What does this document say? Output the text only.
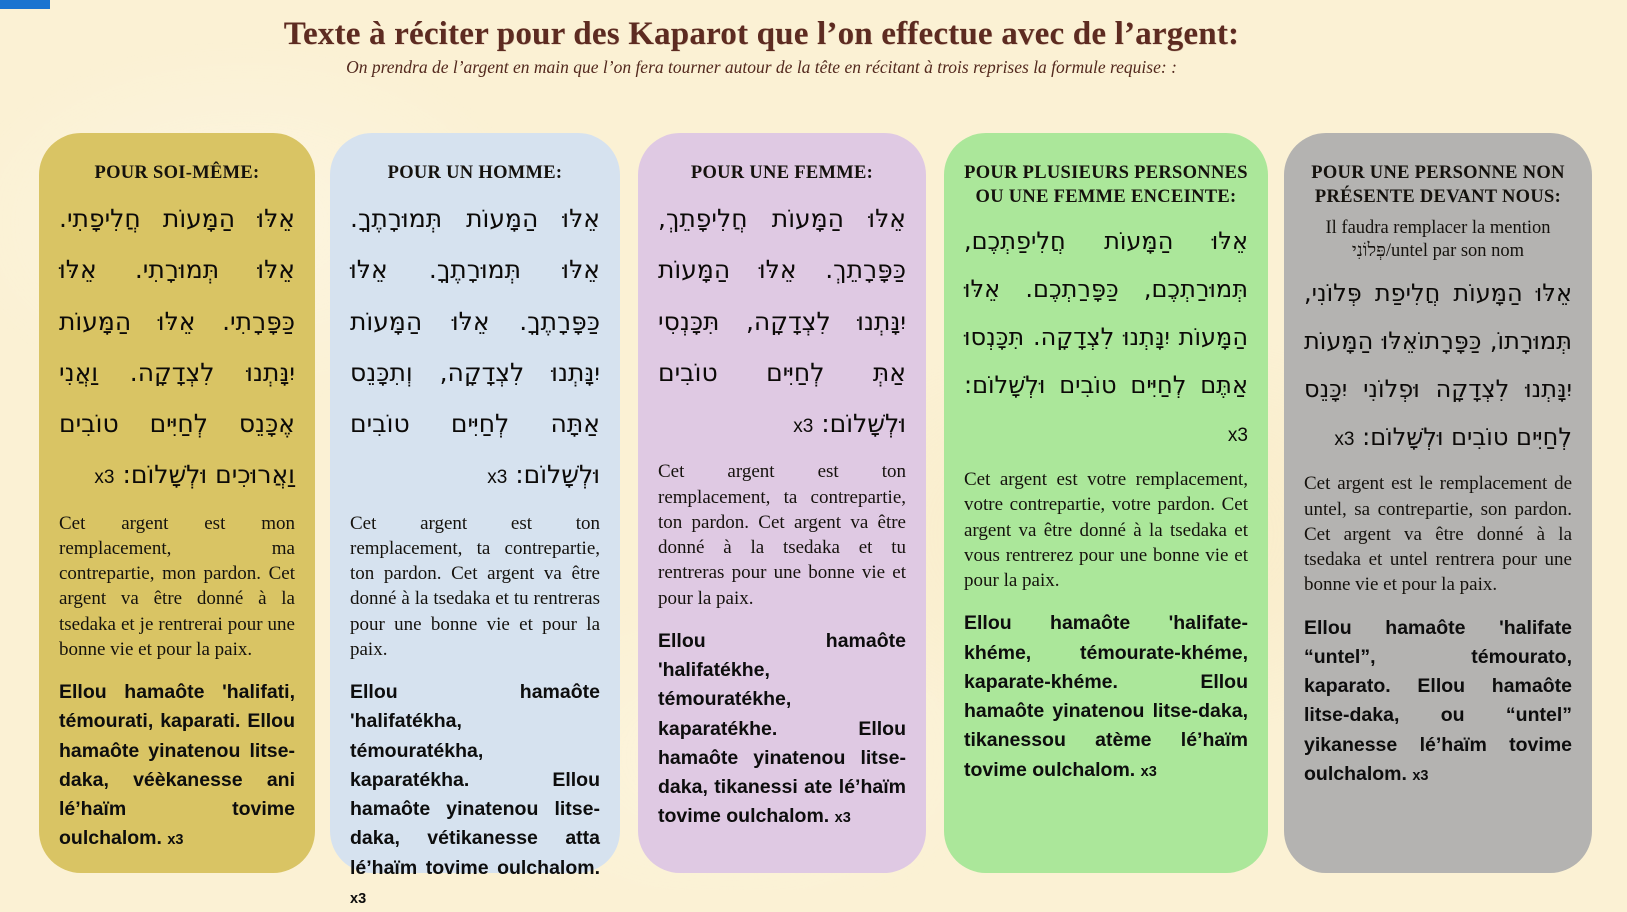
Texte à réciter pour des Kaparot que l’on effectue avec de l’argent:

On prendra de l’argent en main que l’on fera tourner autour de la tête en récitant à trois reprises la formule requise: :

POUR SOI-MÊME:

אֵלּוּ הַמָּעוֹת חֲלִיפָתִי. אֵלּוּ תְּמוּרָתִי. אֵלּוּ כַּפָּרָתִי. אֵלּוּ הַמָּעוֹת יִנָּתְנוּ לִצְדָקָה. וַאֲנִי אֶכָּנֵס לְחַיִּים טוֹבִים וַאֲרוּכִים וּלְשָׁלוֹם: x3

Cet argent est mon remplacement, ma contrepartie, mon pardon. Cet argent va être donné à la tsedaka et je rentrerai pour une bonne vie et pour la paix.

Ellou hamaôte 'halifati, témourati, kaparati. Ellou hamaôte yinatenou litse-daka, véèkanesse ani lé’haïm tovime oulchalom. x3

POUR UN HOMME:

אֵלּוּ הַמָּעוֹת תְּמוּרָתֶךָ. אֵלּוּ תְּמוּרָתֶךָ. אֵלּוּ כַּפָּרָתֶךָ. אֵלּוּ הַמָּעוֹת יִנָּתְנוּ לִצְדָקָה, וְתִכָּנֵס אַתָּה לְחַיִּים טוֹבִים וּלְשָׁלוֹם: x3

Cet argent est ton remplacement, ta contrepartie, ton pardon. Cet argent va être donné à la tsedaka et tu rentreras pour une bonne vie et pour la paix.

Ellou hamaôte 'halifatékha, témouratékha, kaparatékha. Ellou hamaôte yinatenou litse-daka, vétikanesse atta lé’haïm tovime oulchalom. x3

POUR UNE FEMME:

אֵלּוּ הַמָּעוֹת חֲלִיפָתֵךְ, כַּפָּרָתֵךְ. אֵלּוּ הַמָּעוֹת יִנָּתְנוּ לִצְדָקָה, תִּכָּנְסִי אַתְּ לְחַיִּים טוֹבִים וּלְשָׁלוֹם: x3

Cet argent est ton remplacement, ta contrepartie, ton pardon. Cet argent va être donné à la tsedaka et tu rentreras pour une bonne vie et pour la paix.

Ellou hamaôte 'halifatékhe, témouratékhe, kaparatékhe. Ellou hamaôte yinatenou litse-daka, tikanessi ate lé’haïm tovime oulchalom. x3

POUR PLUSIEURS PERSONNES OU UNE FEMME ENCEINTE:

אֵלּוּ הַמָּעוֹת חֲלִיפַתְכֶם, תְּמוּרַתְכֶם, כַּפָּרַתְכֶם. אֵלּוּ הַמָּעוֹת יִנָּתְנוּ לִצְדָקָה. תִּכָּנְסוּ אַתֶּם לְחַיִּים טוֹבִים וּלְשָׁלוֹם: x3

Cet argent est votre remplacement, votre contrepartie, votre pardon. Cet argent va être donné à la tsedaka et vous rentrerez pour une bonne vie et pour la paix.

Ellou hamaôte 'halifate-khéme, témourate-khéme, kaparate-khéme. Ellou hamaôte yinatenou litse-daka, tikanessou atème lé’haïm tovime oulchalom. x3

POUR UNE PERSONNE NON PRÉSENTE DEVANT NOUS:

Il faudra remplacer la mention פְּלוֹנִי/untel par son nom

אֵלּוּ הַמָּעוֹת חֲלִיפַת פְּלוֹנִי, תְּמוּרָתוֹ, כַּפָּרָתוֹאֵלּוּ הַמָּעוֹת יִנָּתְנוּ לִצְדָקָה וּפְלוֹנִי יִכָּנֵס לְחַיִּים טוֹבִים וּלְשָׁלוֹם: x3

Cet argent est le remplacement de untel, sa contrepartie, son pardon. Cet argent va être donné à la tsedaka et untel rentrera pour une bonne vie et pour la paix.

Ellou hamaôte 'halifate “untel”, témourato, kaparato. Ellou hamaôte litse-daka, ou “untel” yikanesse lé’haïm tovime oulchalom. x3
